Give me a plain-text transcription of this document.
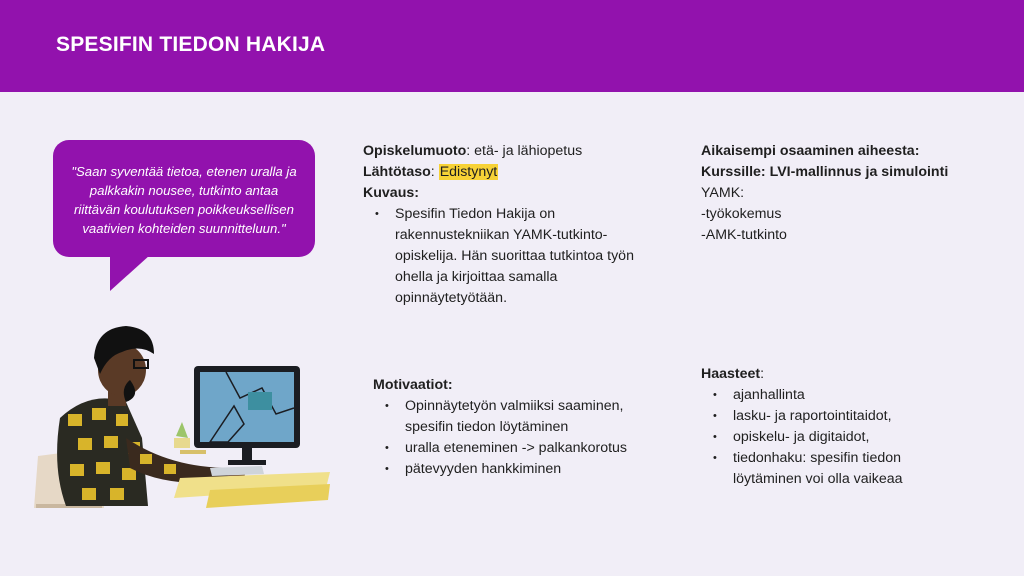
SPESIFIN TIEDON HAKIJA

"Saan syventää tietoa, etenen uralla ja palkkakin nousee, tutkinto antaa riittävän koulutuksen poikkeuksellisen vaativien kohteiden suunnitteluun."

Opiskelumuoto: etä- ja lähiopetus
Lähtötaso: Edistynyt
Kuvaus:
• Spesifin Tiedon Hakija on rakennustekniikan YAMK-tutkinto-opiskelija. Hän suorittaa tutkintoa työn ohella ja kirjoittaa samalla opinnäytetyötään.
Aikaisempi osaaminen aiheesta:
Kurssille: LVI-mallinnus ja simulointi
YAMK:
-työkokemus
-AMK-tutkinto
Motivaatiot:
• Opinnäytetyön valmiiksi saaminen, spesifin tiedon löytäminen
• uralla eteneminen -> palkankorotus
• pätevyyden hankkiminen
Haasteet:
• ajanhallinta
• lasku- ja raportointitaidot,
• opiskelu- ja digitaidot,
• tiedonhaku: spesifin tiedon löytäminen voi olla vaikeaa
